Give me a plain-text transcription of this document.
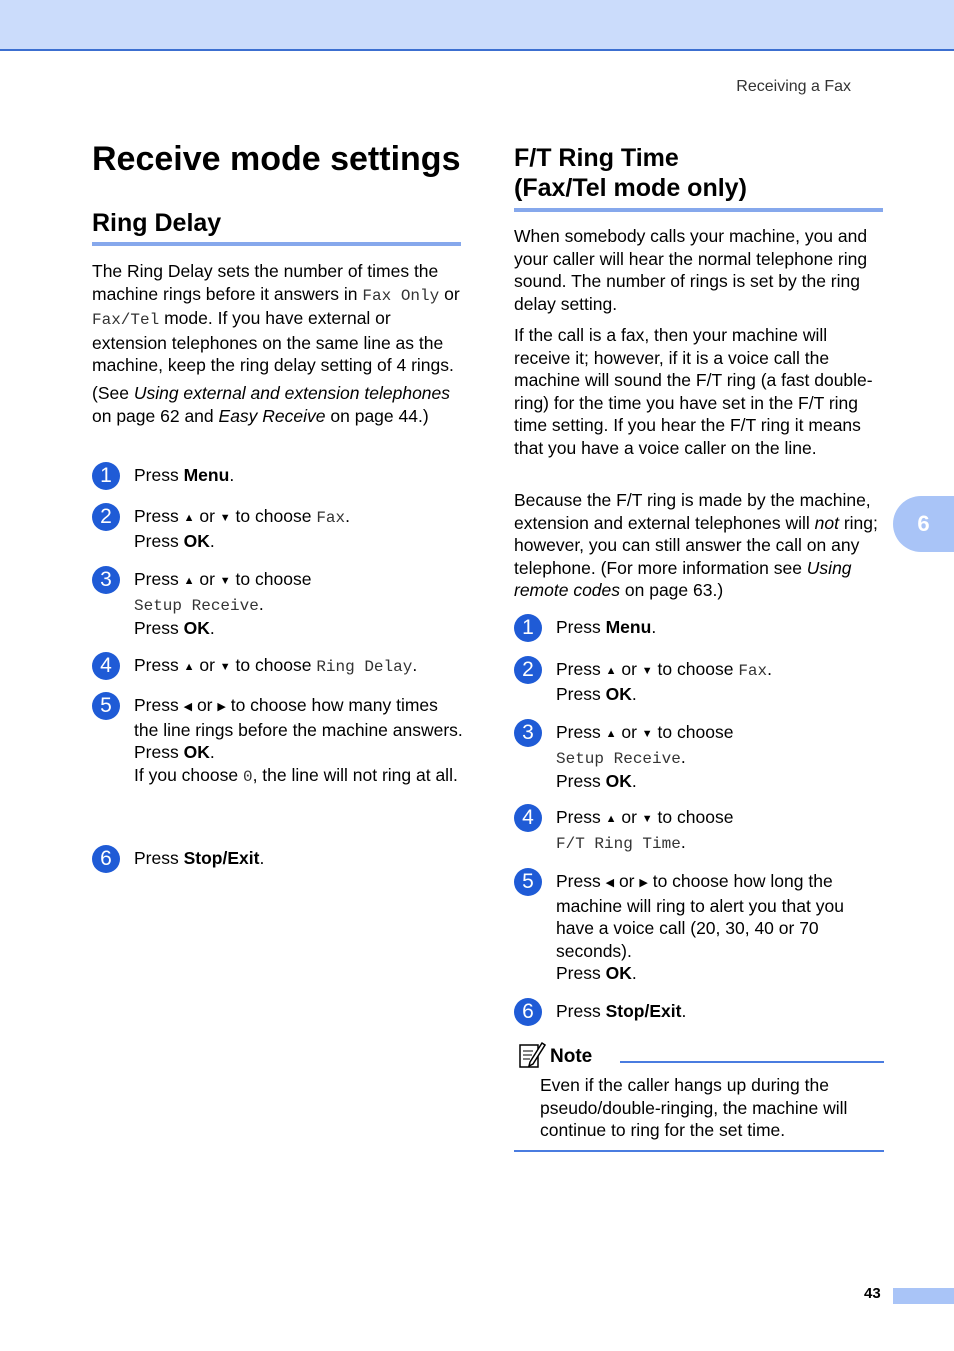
Receiving a Fax
6
Receive mode settings
Ring Delay

The Ring Delay sets the number of times the machine rings before it answers in Fax Only or Fax/Tel mode. If you have external or extension telephones on the same line as the machine, keep the ring delay setting of 4 rings.

(See Using external and extension telephones on page 62 and Easy Receive on page 44.)

1	Press Menu.
2	Press ▲ or ▼ to choose Fax.
Press OK.
3	Press ▲ or ▼ to choose
Setup Receive.
Press OK.
4	Press ▲ or ▼ to choose Ring Delay.
5	Press ◀ or ▶ to choose how many times the line rings before the machine answers.
Press OK.
If you choose 0, the line will not ring at all.
6	Press Stop/Exit.
F/T Ring Time
(Fax/Tel mode only)

When somebody calls your machine, you and your caller will hear the normal telephone ring sound. The number of rings is set by the ring delay setting.

If the call is a fax, then your machine will receive it; however, if it is a voice call the machine will sound the F/T ring (a fast double-ring) for the time you have set in the F/T ring time setting. If you hear the F/T ring it means that you have a voice caller on the line.

Because the F/T ring is made by the machine, extension and external telephones will not ring; however, you can still answer the call on any telephone. (For more information see Using remote codes on page 63.)

1	Press Menu.
2	Press ▲ or ▼ to choose Fax.
Press OK.
3	Press ▲ or ▼ to choose
Setup Receive.
Press OK.
4	Press ▲ or ▼ to choose
F/T Ring Time.
5	Press ◀ or ▶ to choose how long the machine will ring to alert you that you have a voice call (20, 30, 40 or 70 seconds).
Press OK.
6	Press Stop/Exit.
Note
Even if the caller hangs up during the pseudo/double-ringing, the machine will continue to ring for the set time.
43
